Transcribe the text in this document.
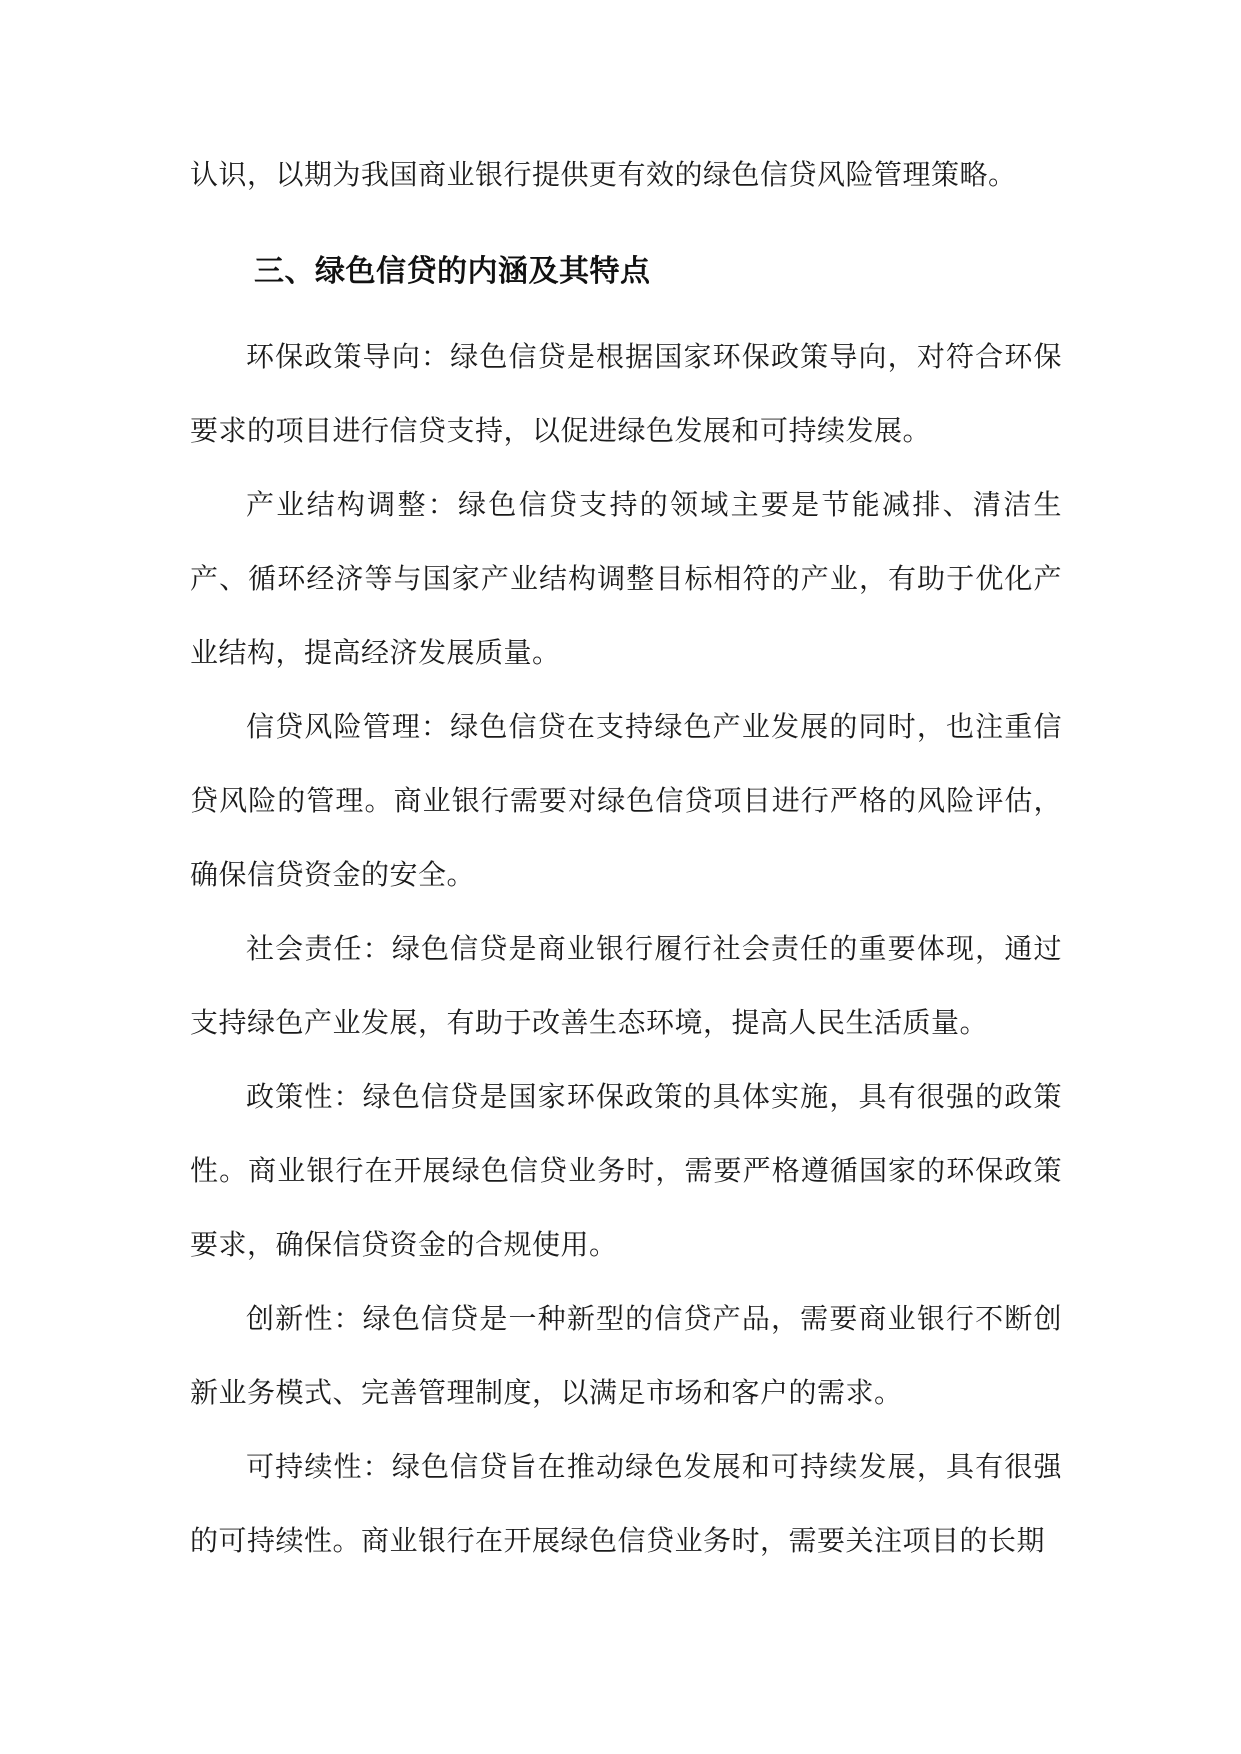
认识，以期为我国商业银行提供更有效的绿色信贷风险管理策略。

三、绿色信贷的内涵及其特点

环保政策导向：绿色信贷是根据国家环保政策导向，对符合环保要求的项目进行信贷支持，以促进绿色发展和可持续发展。

产业结构调整：绿色信贷支持的领域主要是节能减排、清洁生产、循环经济等与国家产业结构调整目标相符的产业，有助于优化产业结构，提高经济发展质量。

信贷风险管理：绿色信贷在支持绿色产业发展的同时，也注重信贷风险的管理。商业银行需要对绿色信贷项目进行严格的风险评估，确保信贷资金的安全。

社会责任：绿色信贷是商业银行履行社会责任的重要体现，通过支持绿色产业发展，有助于改善生态环境，提高人民生活质量。

政策性：绿色信贷是国家环保政策的具体实施，具有很强的政策性。商业银行在开展绿色信贷业务时，需要严格遵循国家的环保政策要求，确保信贷资金的合规使用。

创新性：绿色信贷是一种新型的信贷产品，需要商业银行不断创新业务模式、完善管理制度，以满足市场和客户的需求。

可持续性：绿色信贷旨在推动绿色发展和可持续发展，具有很强的可持续性。商业银行在开展绿色信贷业务时，需要关注项目的长期
